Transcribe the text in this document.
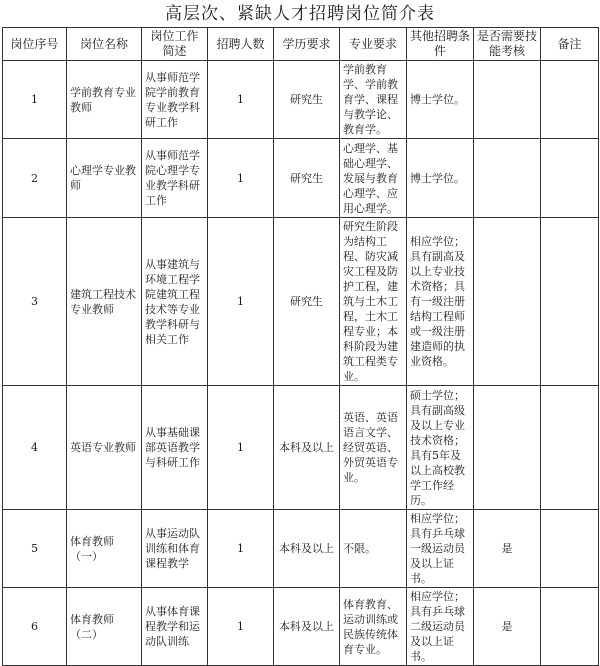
高层次、紧缺人才招聘岗位简介表
岗位序号	岗位名称	岗位工作简述	招聘人数	学历要求	专业要求	其他招聘条件	是否需要技能考核	备注
1	学前教育专业教师	从事师范学院学前教育专业教学科研工作	1	研究生	学前教育学、学前教育学、课程与教学论、教育学。	博士学位。		
2	心理学专业教师	从事师范学院心理学专业教学科研工作	1	研究生	心理学、基础心理学、发展与教育心理学、应用心理学。	博士学位。		
3	建筑工程技术专业教师	从事建筑与环境工程学院建筑工程技术等专业教学科研与相关工作	1	研究生	研究生阶段为结构工程、防灾减灾工程及防护工程，建筑与土木工程，土木工程专业；本科阶段为建筑工程类专业。	相应学位；具有副高及以上专业技术资格；具有一级注册结构工程师或一级注册建造师的执业资格。		
4	英语专业教师	从事基础课部英语教学与科研工作	1	本科及以上	英语、英语语言文学、经贸英语、外贸英语专业。	硕士学位；具有副高级及以上专业技术资格；具有5年及以上高校教学工作经历。		
5	体育教师（一）	从事运动队训练和体育课程教学	1	本科及以上	不限。	相应学位；具有乒乓球一级运动员及以上证书。	是	
6	体育教师（二）	从事体育课程教学和运动队训练	1	本科及以上	体育教育、运动训练或民族传统体育专业。	相应学位；具有乒乓球二级运动员及以上证书。	是	
